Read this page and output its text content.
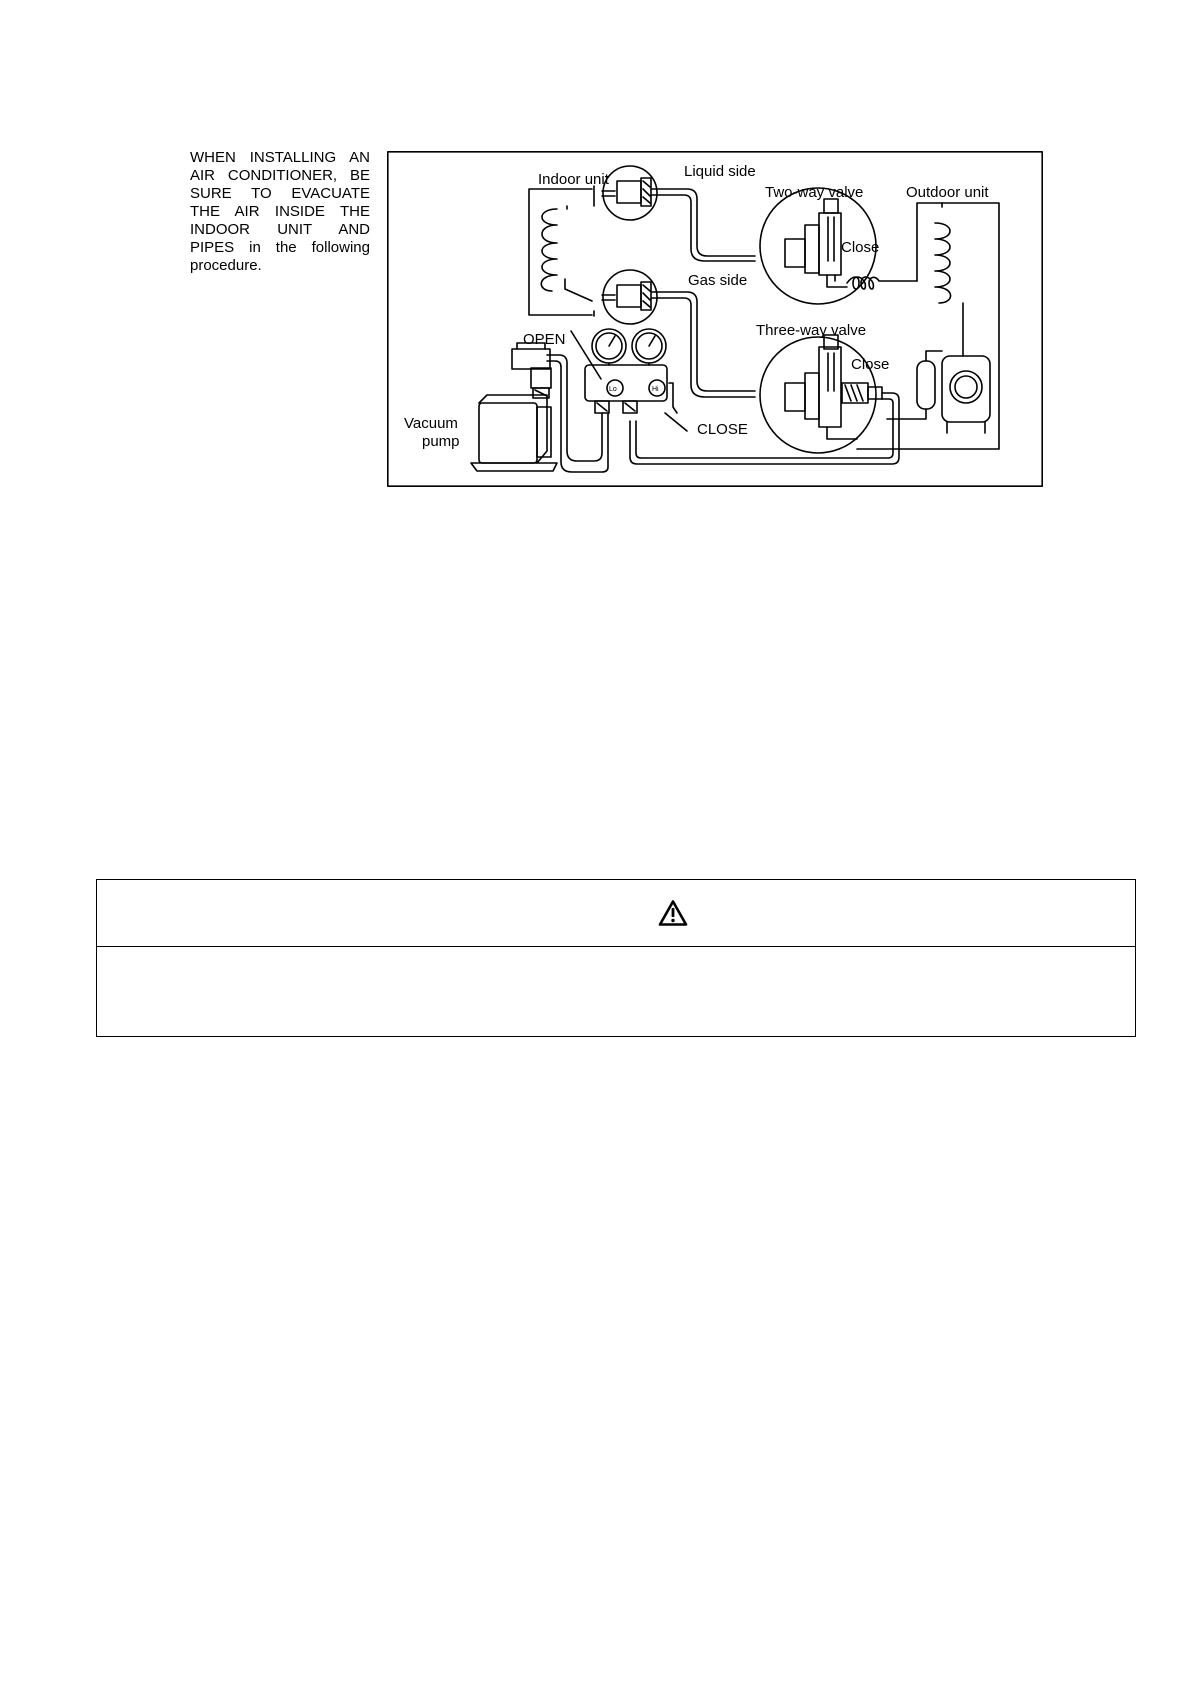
WHEN INSTALLING AN
AIR CONDITIONER, BE
SURE TO EVACUATE
THE AIR INSIDE THE
INDOOR UNIT AND
PIPES in the following
procedure.
Indoor unit	Liquid side
Two-way valve	Outdoor unit
Close
Gas side
OPEN
Three-way valve
Close
Vacuum
pump
CLOSE
Lo	Hi
